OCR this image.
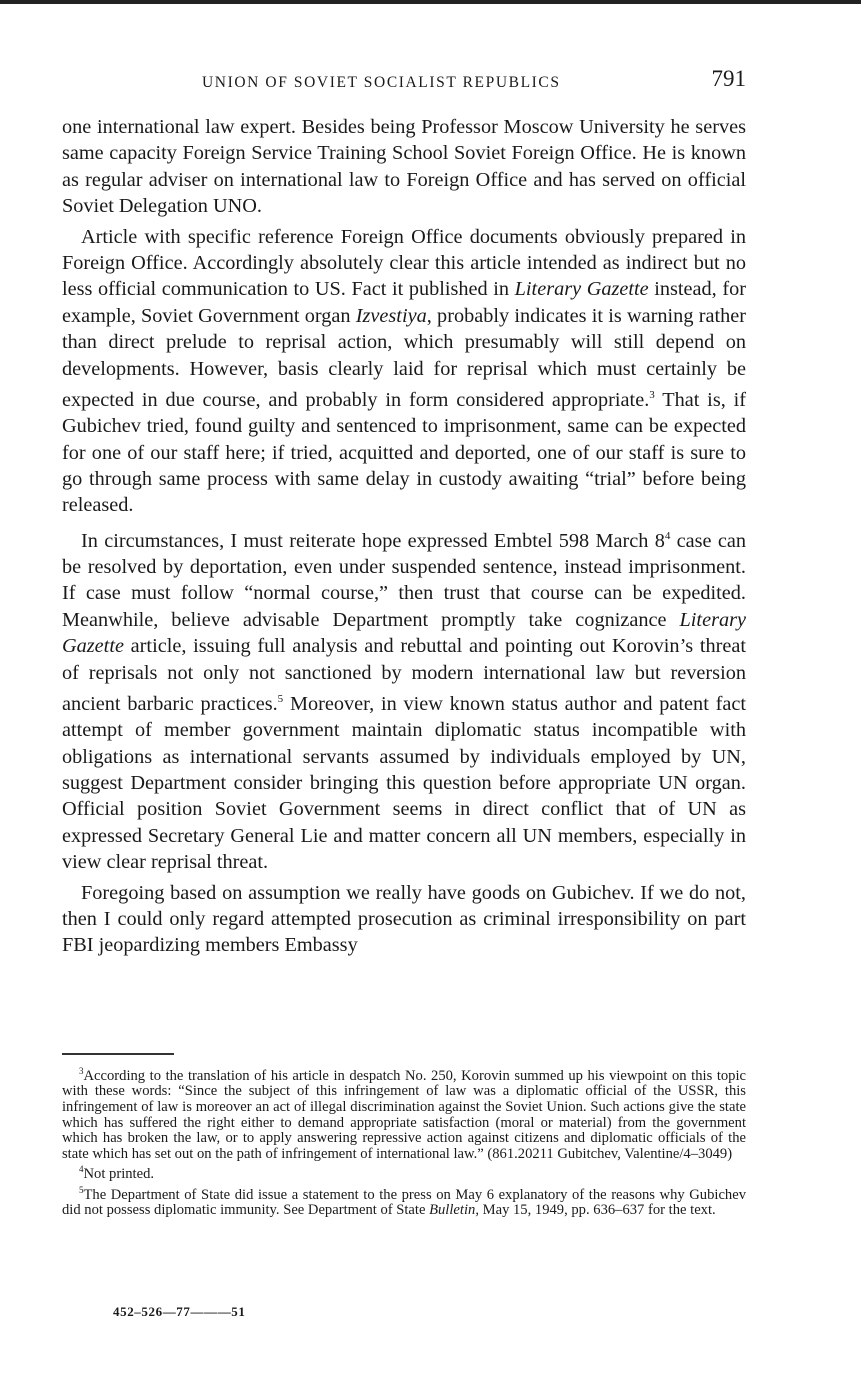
UNION OF SOVIET SOCIALIST REPUBLICS	791

one international law expert. Besides being Professor Moscow University he serves same capacity Foreign Service Training School Soviet Foreign Office. He is known as regular adviser on international law to Foreign Office and has served on official Soviet Delegation UNO.

Article with specific reference Foreign Office documents obviously prepared in Foreign Office. Accordingly absolutely clear this article intended as indirect but no less official communication to US. Fact it published in Literary Gazette instead, for example, Soviet Government organ Izvestiya, probably indicates it is warning rather than direct prelude to reprisal action, which presumably will still depend on developments. However, basis clearly laid for reprisal which must certainly be expected in due course, and probably in form considered appropriate.$^3$ That is, if Gubichev tried, found guilty and sentenced to imprisonment, same can be expected for one of our staff here; if tried, acquitted and deported, one of our staff is sure to go through same process with same delay in custody awaiting “trial” before being released.

In circumstances, I must reiterate hope expressed Embtel 598 March $8^4$ case can be resolved by deportation, even under suspended sentence, instead imprisonment. If case must follow “normal course,” then trust that course can be expedited. Meanwhile, believe advisable Department promptly take cognizance Literary Gazette article, issuing full analysis and rebuttal and pointing out Korovin’s threat of reprisals not only not sanctioned by modern international law but reversion ancient barbaric practices.$^5$ Moreover, in view known status author and patent fact attempt of member government maintain diplomatic status incompatible with obligations as international servants assumed by individuals employed by UN, suggest Department consider bringing this question before appropriate UN organ. Official position Soviet Government seems in direct conflict that of UN as expressed Secretary General Lie and matter concern all UN members, especially in view clear reprisal threat.

Foregoing based on assumption we really have goods on Gubichev. If we do not, then I could only regard attempted prosecution as criminal irresponsibility on part FBI jeopardizing members Embassy

$^3$According to the translation of his article in despatch No. 250, Korovin summed up his viewpoint on this topic with these words: “Since the subject of this infringement of law was a diplomatic official of the USSR, this infringement of law is moreover an act of illegal discrimination against the Soviet Union. Such actions give the state which has suffered the right either to demand appropriate satisfaction (moral or material) from the government which has broken the law, or to apply answering repressive action against citizens and diplomatic officials of the state which has set out on the path of infringement of international law.” (861.20211 Gubitchev, Valentine/4–3049)

$^4$Not printed.

$^5$The Department of State did issue a statement to the press on May 6 explanatory of the reasons why Gubichev did not possess diplomatic immunity. See Department of State Bulletin, May 15, 1949, pp. 636–637 for the text.

452–526—77———51
